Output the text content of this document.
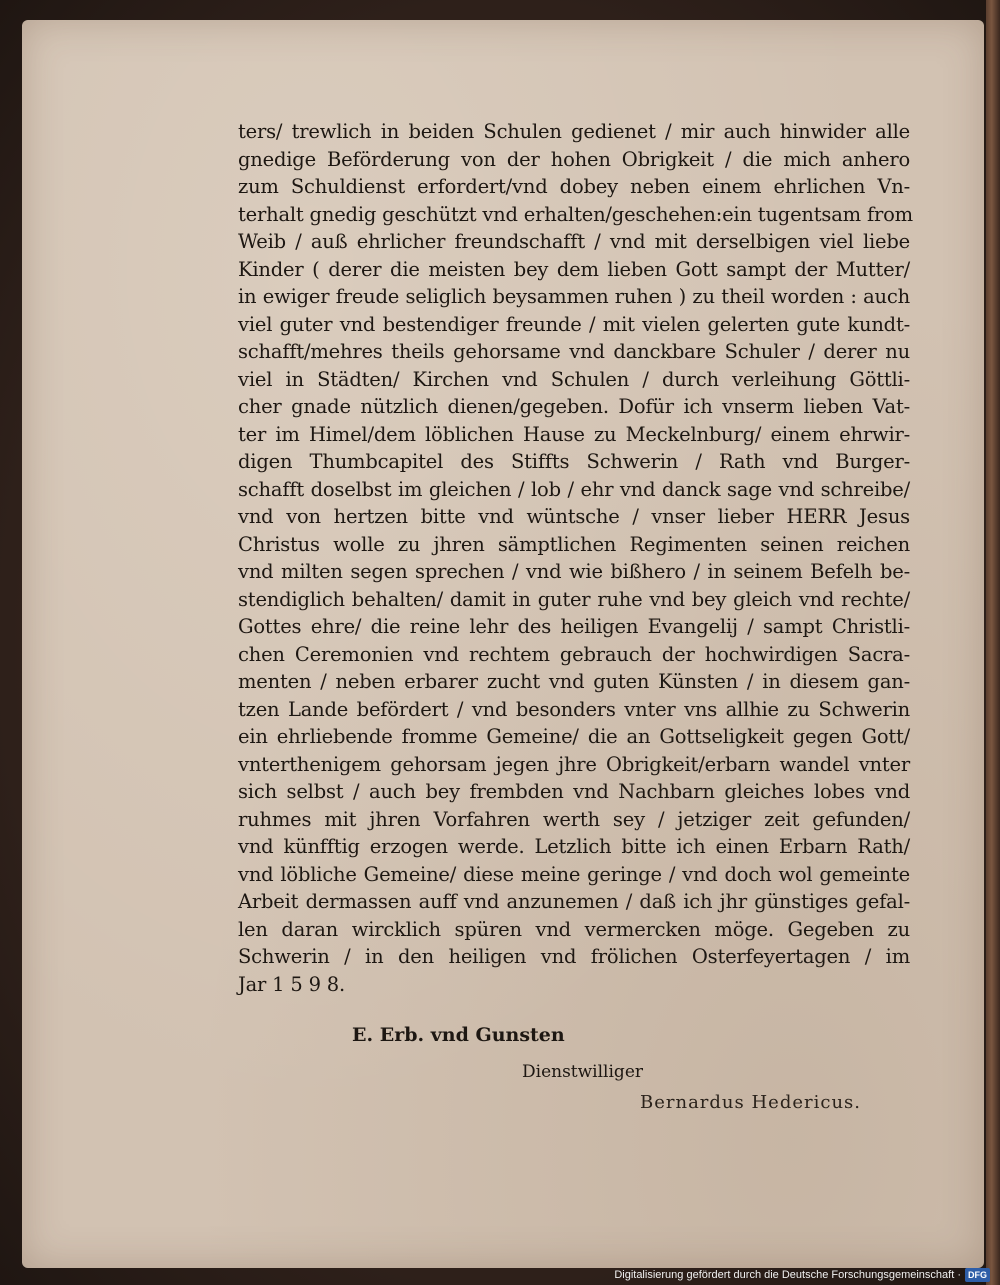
ters/ trewlich in beiden Schulen gedienet / mir auch hinwider alle
gnedige Beförderung von der hohen Obrigkeit / die mich anhero
zum Schuldienst erfordert/vnd dobey neben einem ehrlichen Vn-
terhalt gnedig geschützt vnd erhalten/geschehen:ein tugentsam from
Weib / auß ehrlicher freundschafft / vnd mit derselbigen viel liebe
Kinder ( derer die meisten bey dem lieben Gott sampt der Mutter/
in ewiger freude seliglich beysammen ruhen ) zu theil worden : auch
viel guter vnd bestendiger freunde / mit vielen gelerten gute kundt-
schafft/mehres theils gehorsame vnd danckbare Schuler / derer nu
viel in Städten/ Kirchen vnd Schulen / durch verleihung Göttli-
cher gnade nützlich dienen/gegeben. Dofür ich vnserm lieben Vat-
ter im Himel/dem löblichen Hause zu Meckelnburg/ einem ehrwir-
digen Thumbcapitel des Stiffts Schwerin / Rath vnd Burger-
schafft doselbst im gleichen / lob / ehr vnd danck sage vnd schreibe/
vnd von hertzen bitte vnd wüntsche / vnser lieber HERR Jesus
Christus wolle zu jhren sämptlichen Regimenten seinen reichen
vnd milten segen sprechen / vnd wie bißhero / in seinem Befelh be-
stendiglich behalten/ damit in guter ruhe vnd bey gleich vnd rechte/
Gottes ehre/ die reine lehr des heiligen Evangelij / sampt Christli-
chen Ceremonien vnd rechtem gebrauch der hochwirdigen Sacra-
menten / neben erbarer zucht vnd guten Künsten / in diesem gan-
tzen Lande befördert / vnd besonders vnter vns allhie zu Schwerin
ein ehrliebende fromme Gemeine/ die an Gottseligkeit gegen Gott/
vnterthenigem gehorsam jegen jhre Obrigkeit/erbarn wandel vnter
sich selbst / auch bey frembden vnd Nachbarn gleiches lobes vnd
ruhmes mit jhren Vorfahren werth sey / jetziger zeit gefunden/
vnd künfftig erzogen werde. Letzlich bitte ich einen Erbarn Rath/
vnd löbliche Gemeine/ diese meine geringe / vnd doch wol gemeinte
Arbeit dermassen auff vnd anzunemen / daß ich jhr günstiges gefal-
len daran wircklich spüren vnd vermercken möge. Gegeben zu
Schwerin / in den heiligen vnd frölichen Osterfeyertagen / im
Jar 1 5 9 8.
E. Erb. vnd Gunsten
Dienstwilliger
Bernardus Hedericus.
Digitalisierung gefördert durch die Deutsche Forschungsgemeinschaft · DFG
